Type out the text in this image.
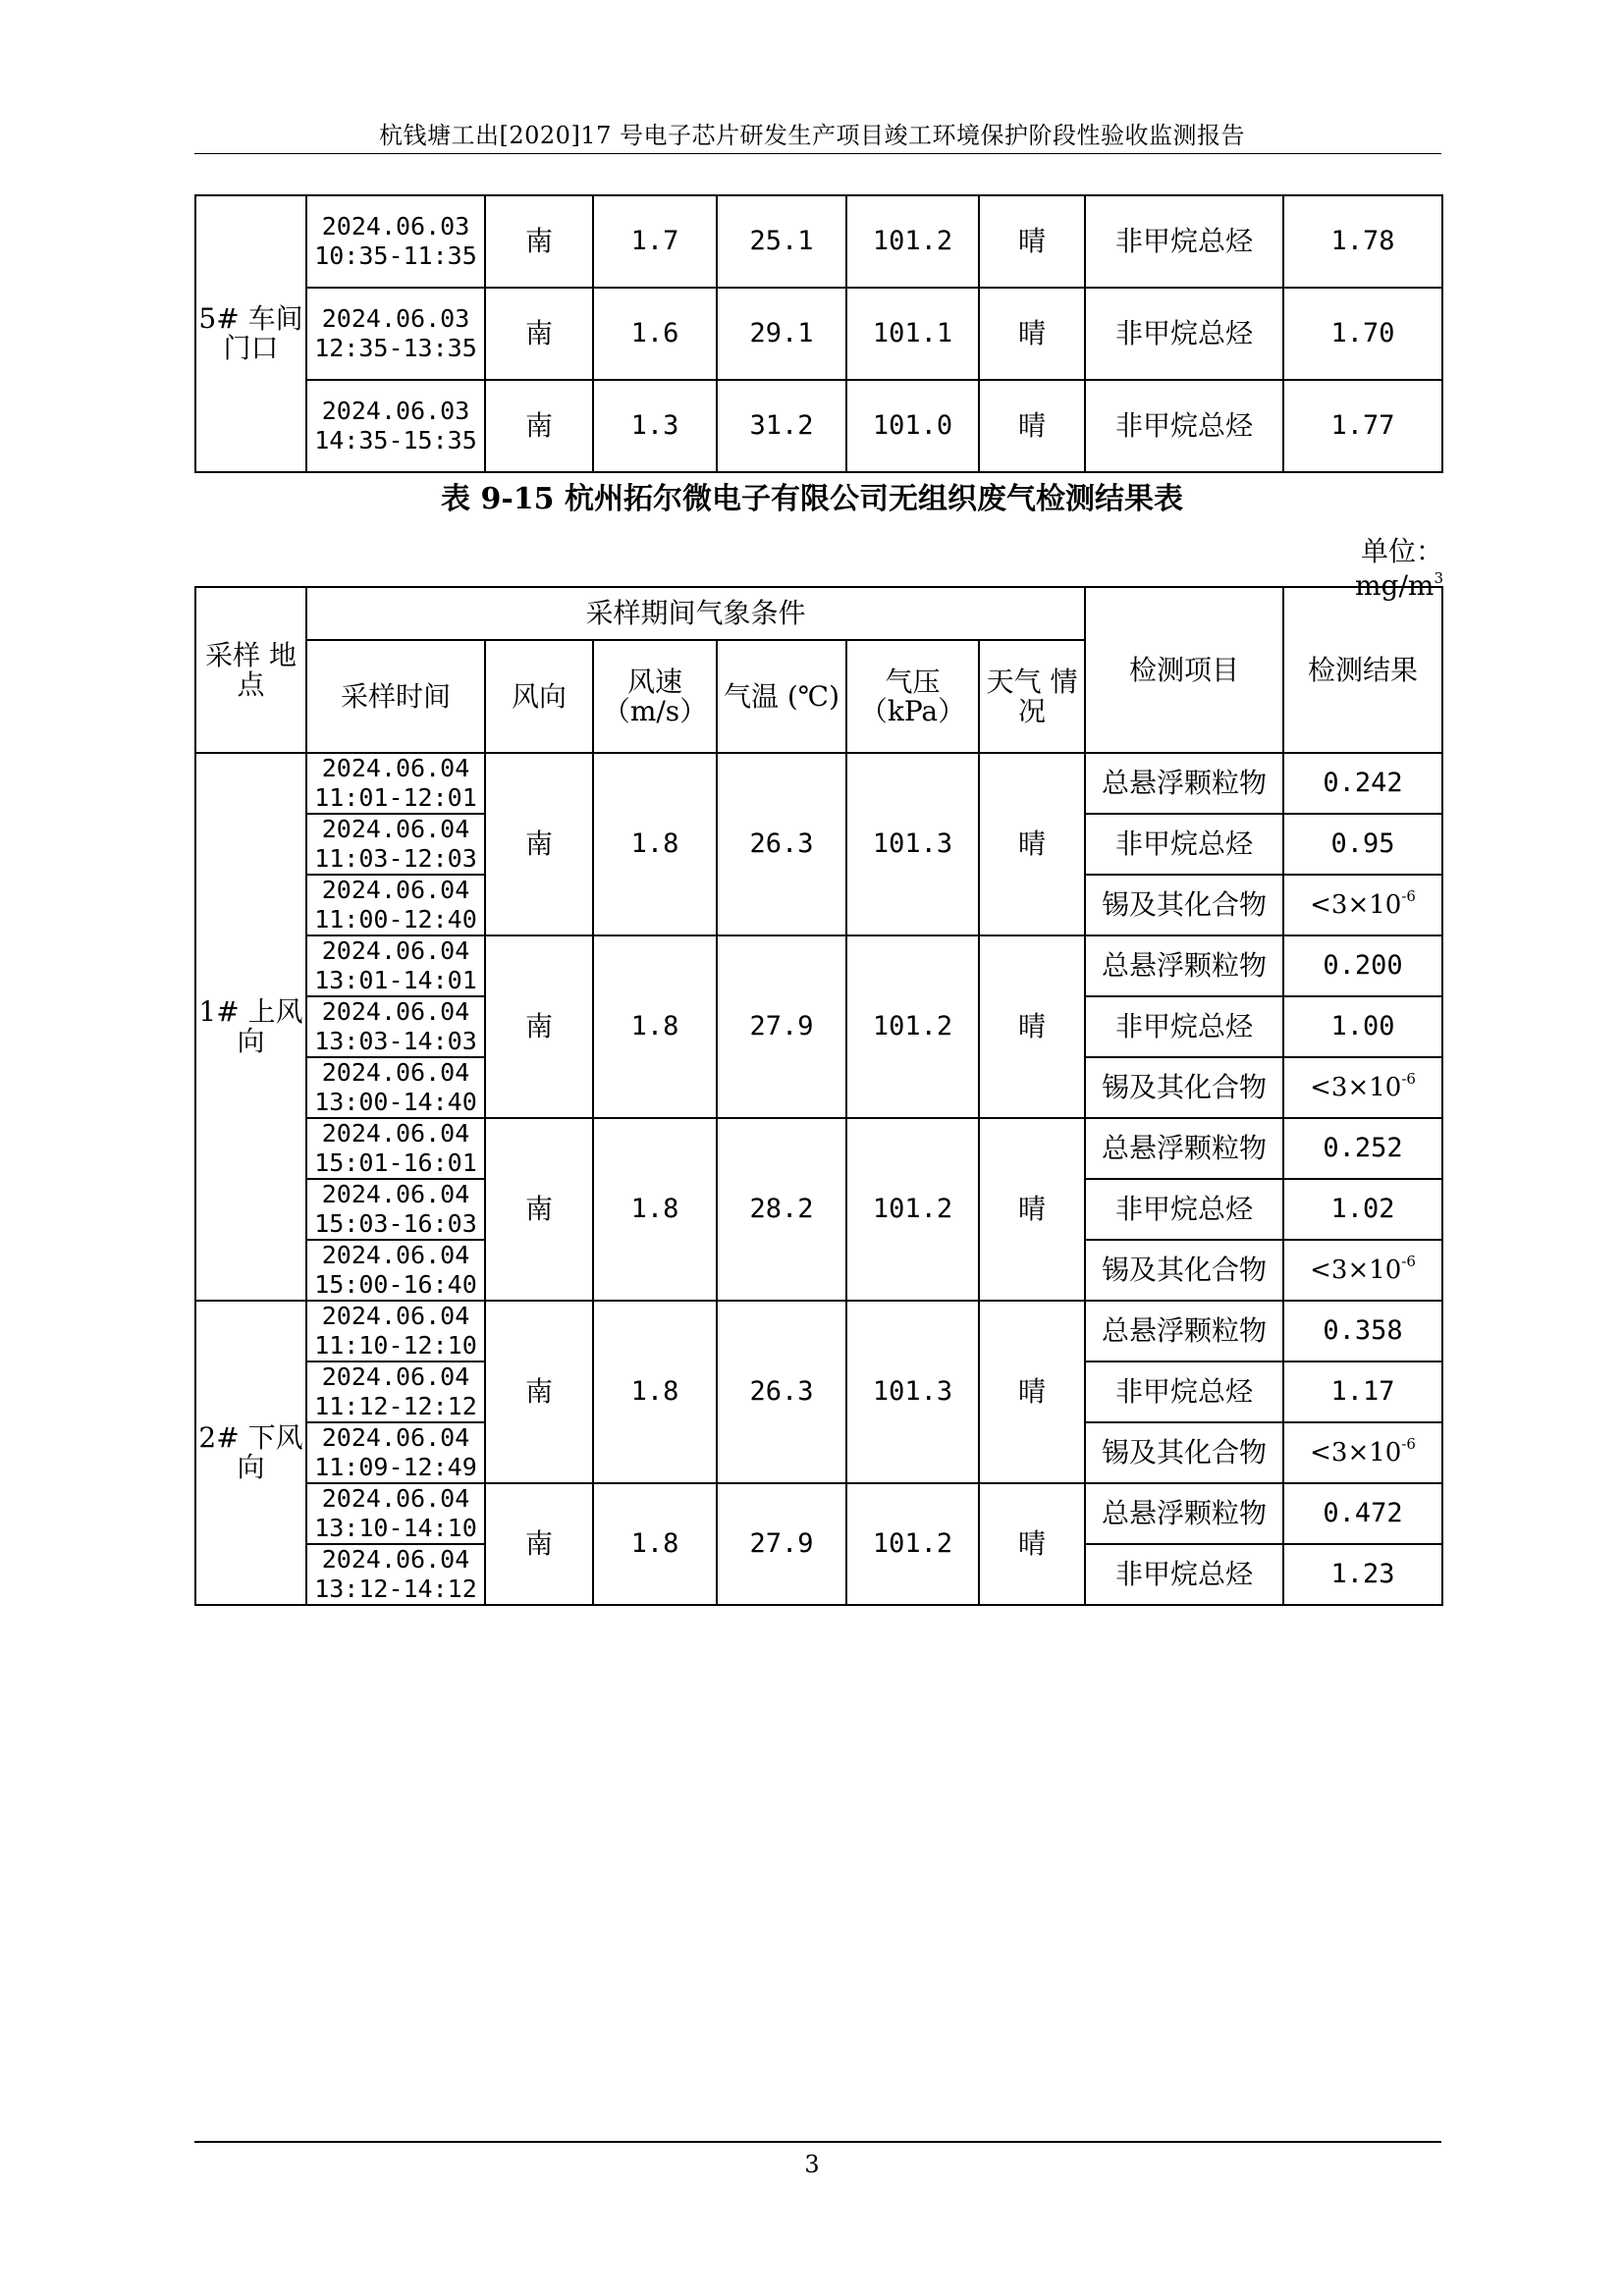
杭钱塘工出[2020]17 号电子芯片研发生产项目竣工环境保护阶段性验收监测报告
5# 车间门口	2024.06.03 10:35-11:35	南	1.7	25.1	101.2	晴	非甲烷总烃	1.78
	2024.06.03 12:35-13:35	南	1.6	29.1	101.1	晴	非甲烷总烃	1.70
	2024.06.03 14:35-15:35	南	1.3	31.2	101.0	晴	非甲烷总烃	1.77
表 9-15 杭州拓尔微电子有限公司无组织废气检测结果表
单位：$mg/m^3$
采样 地点	采样期间气象条件						检测项目	检测结果
	采样时间	风向	风速 （m/s）	气温 (℃)	气压 （kPa）	天气 情况		
1# 上风向	2024.06.04 11:01-12:01	南	1.8	26.3	101.3	晴	总悬浮颗粒物	0.242
	2024.06.04 11:03-12:03						非甲烷总烃	0.95
	2024.06.04 11:00-12:40						锡及其化合物	$<3\times 10^{-6}$
	2024.06.04 13:01-14:01	南	1.8	27.9	101.2	晴	总悬浮颗粒物	0.200
	2024.06.04 13:03-14:03						非甲烷总烃	1.00
	2024.06.04 13:00-14:40						锡及其化合物	$<3\times 10^{-6}$
	2024.06.04 15:01-16:01	南	1.8	28.2	101.2	晴	总悬浮颗粒物	0.252
	2024.06.04 15:03-16:03						非甲烷总烃	1.02
	2024.06.04 15:00-16:40						锡及其化合物	$<3\times 10^{-6}$
2# 下风向	2024.06.04 11:10-12:10	南	1.8	26.3	101.3	晴	总悬浮颗粒物	0.358
	2024.06.04 11:12-12:12						非甲烷总烃	1.17
	2024.06.04 11:09-12:49						锡及其化合物	$<3\times 10^{-6}$
	2024.06.04 13:10-14:10	南	1.8	27.9	101.2	晴	总悬浮颗粒物	0.472
	2024.06.04 13:12-14:12						非甲烷总烃	1.23
3
